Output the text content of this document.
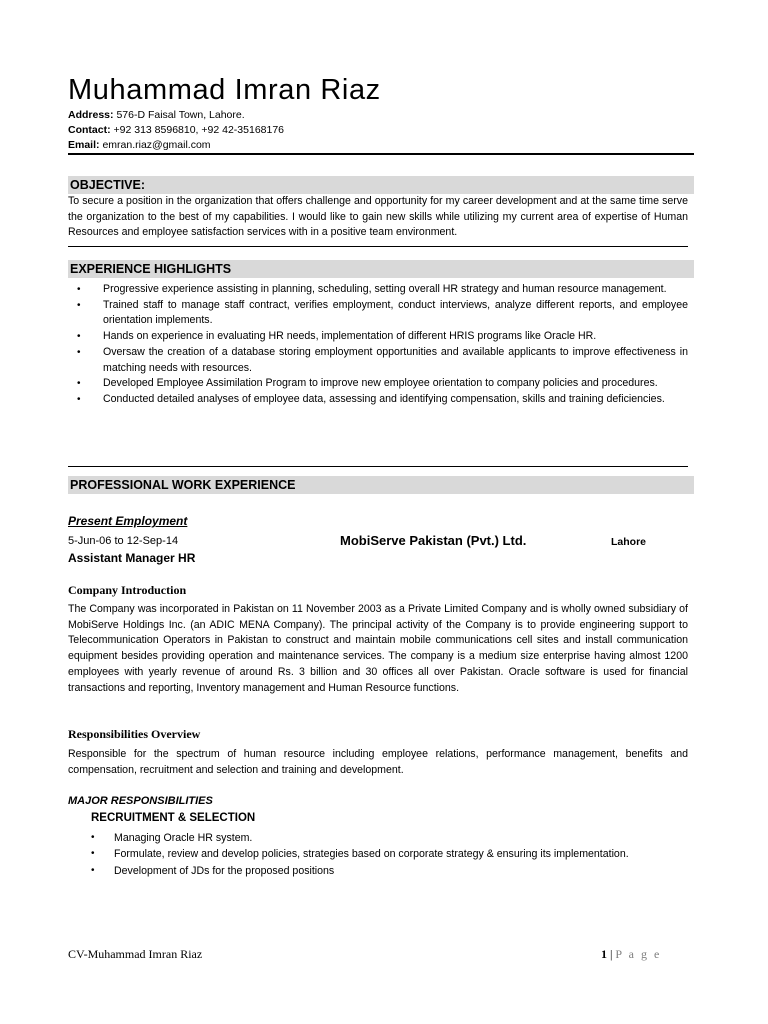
Muhammad Imran Riaz
Address: 576-D Faisal Town, Lahore.
Contact: +92 313 8596810, +92 42-35168176
Email: emran.riaz@gmail.com
OBJECTIVE:
To secure a position in the organization that offers challenge and opportunity for my career development and at the same time serve the organization to the best of my capabilities. I would like to gain new skills while utilizing my current area of expertise of Human Resources and employee satisfaction services with in a positive team environment.
EXPERIENCE HIGHLIGHTS
• Progressive experience assisting in planning, scheduling, setting overall HR strategy and human resource management.
• Trained staff to manage staff contract, verifies employment, conduct interviews, analyze different reports, and employee orientation implements.
• Hands on experience in evaluating HR needs, implementation of different HRIS programs like Oracle HR.
• Oversaw the creation of a database storing employment opportunities and available applicants to improve effectiveness in matching needs with resources.
• Developed Employee Assimilation Program to improve new employee orientation to company policies and procedures.
• Conducted detailed analyses of employee data, assessing and identifying compensation, skills and training deficiencies.
PROFESSIONAL WORK EXPERIENCE
Present Employment
5-Jun-06 to 12-Sep-14	MobiServe Pakistan (Pvt.) Ltd.	Lahore
Assistant Manager HR
Company Introduction
The Company was incorporated in Pakistan on 11 November 2003 as a Private Limited Company and is wholly owned subsidiary of MobiServe Holdings Inc. (an ADIC MENA Company). The principal activity of the Company is to provide engineering support to Telecommunication Operators in Pakistan to construct and maintain mobile communications cell sites and install communication equipment besides providing operation and maintenance services. The company is a medium size enterprise having almost 1200 employees with yearly revenue of around Rs. 3 billion and 30 offices all over Pakistan. Oracle software is used for financial transactions and reporting, Inventory management and Human Resource functions.
Responsibilities Overview
Responsible for the spectrum of human resource including employee relations, performance management, benefits and compensation, recruitment and selection and training and development.
MAJOR RESPONSIBILITIES
RECRUITMENT & SELECTION
• Managing Oracle HR system.
• Formulate, review and develop policies, strategies based on corporate strategy & ensuring its implementation.
• Development of JDs for the proposed positions
CV-Muhammad Imran Riaz	1 | P a g e
